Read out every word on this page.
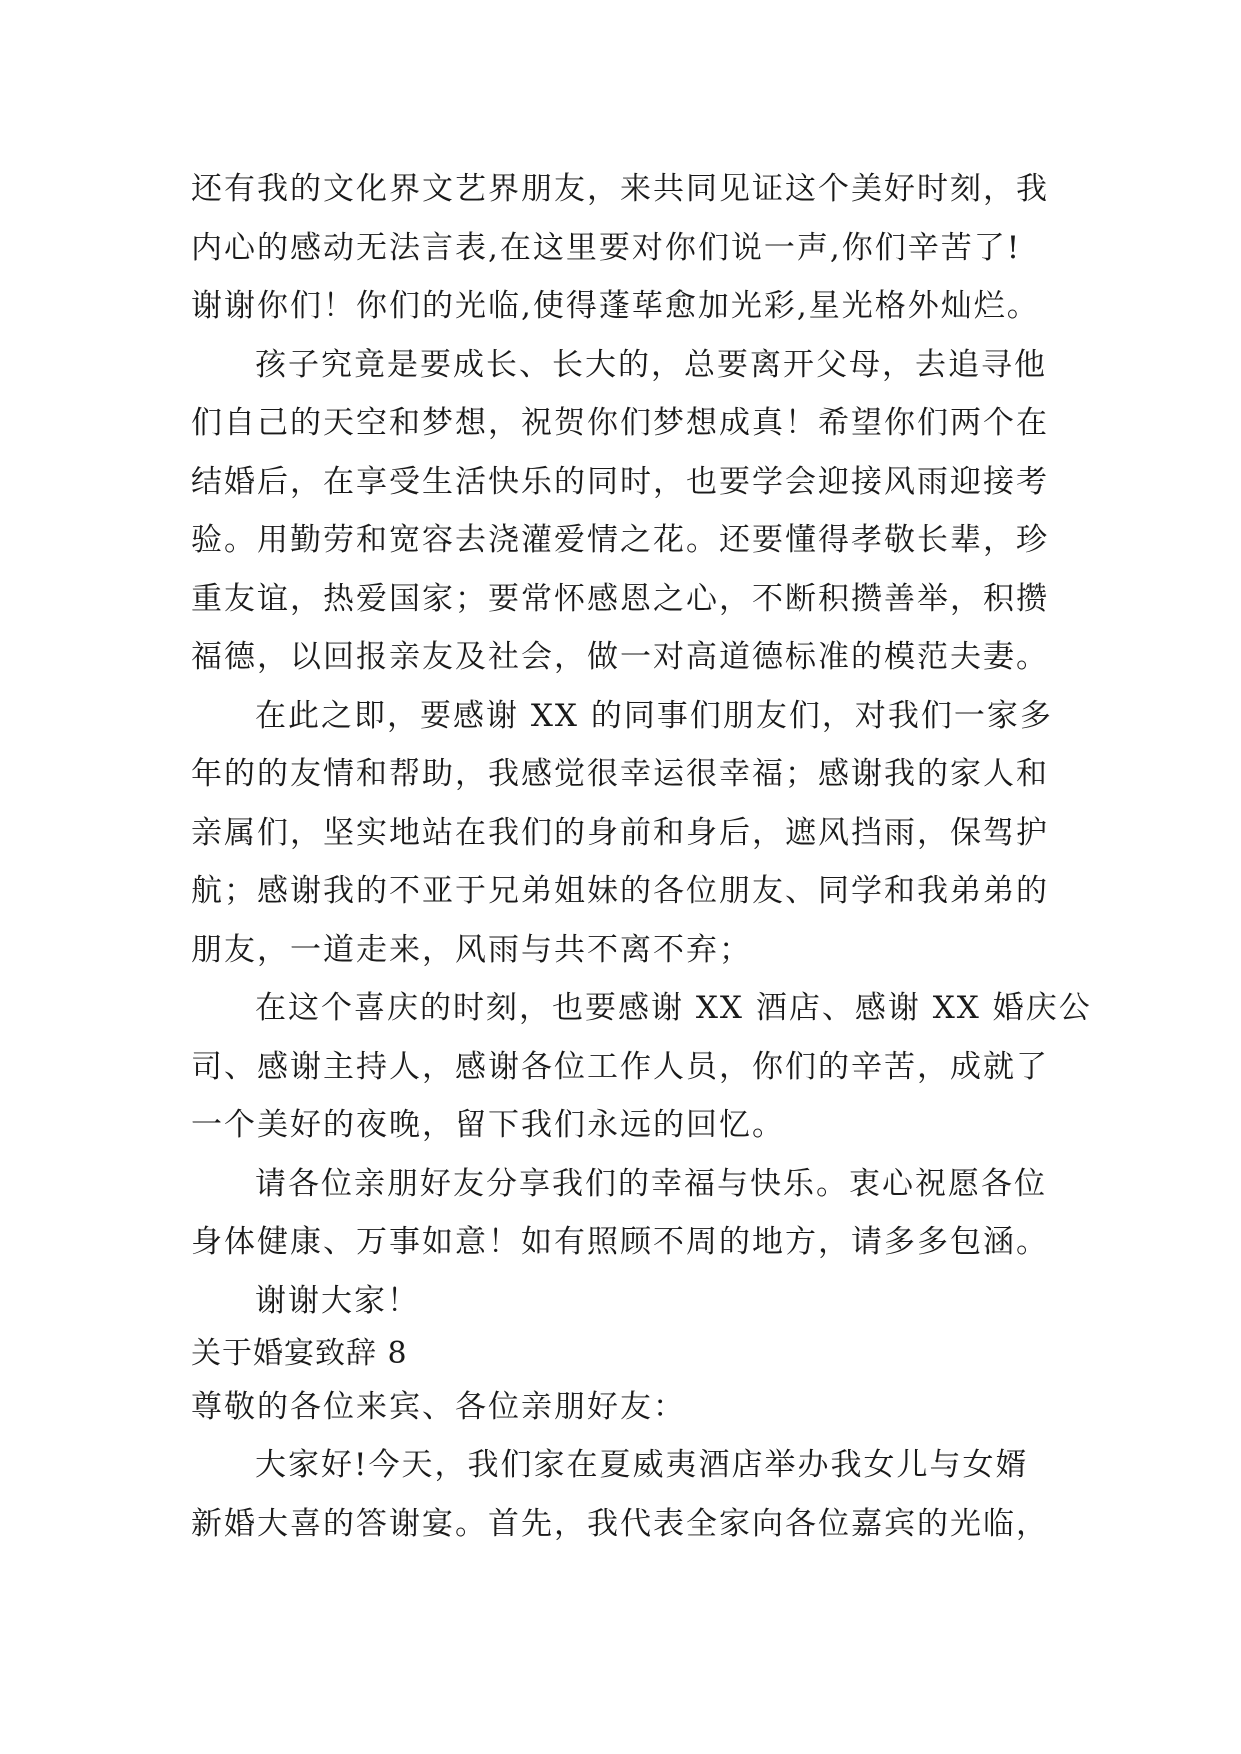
还有我的文化界文艺界朋友，来共同见证这个美好时刻，我
内心的感动无法言表,在这里要对你们说一声,你们辛苦了!
谢谢你们！你们的光临,使得蓬荜愈加光彩,星光格外灿烂。
孩子究竟是要成长、长大的，总要离开父母，去追寻他
们自己的天空和梦想，祝贺你们梦想成真！希望你们两个在
结婚后，在享受生活快乐的同时，也要学会迎接风雨迎接考
验。用勤劳和宽容去浇灌爱情之花。还要懂得孝敬长辈，珍
重友谊，热爱国家；要常怀感恩之心，不断积攒善举，积攒
福德，以回报亲友及社会，做一对高道德标准的模范夫妻。
在此之即，要感谢 XX 的同事们朋友们，对我们一家多
年的的友情和帮助，我感觉很幸运很幸福；感谢我的家人和
亲属们，坚实地站在我们的身前和身后，遮风挡雨，保驾护
航；感谢我的不亚于兄弟姐妹的各位朋友、同学和我弟弟的
朋友，一道走来，风雨与共不离不弃；
在这个喜庆的时刻，也要感谢 XX 酒店、感谢 XX 婚庆公
司、感谢主持人，感谢各位工作人员，你们的辛苦，成就了
一个美好的夜晚，留下我们永远的回忆。
请各位亲朋好友分享我们的幸福与快乐。衷心祝愿各位
身体健康、万事如意！如有照顾不周的地方，请多多包涵。
谢谢大家！
关于婚宴致辞 8
尊敬的各位来宾、各位亲朋好友：
大家好!今天，我们家在夏威夷酒店举办我女儿与女婿
新婚大喜的答谢宴。首先，我代表全家向各位嘉宾的光临，
